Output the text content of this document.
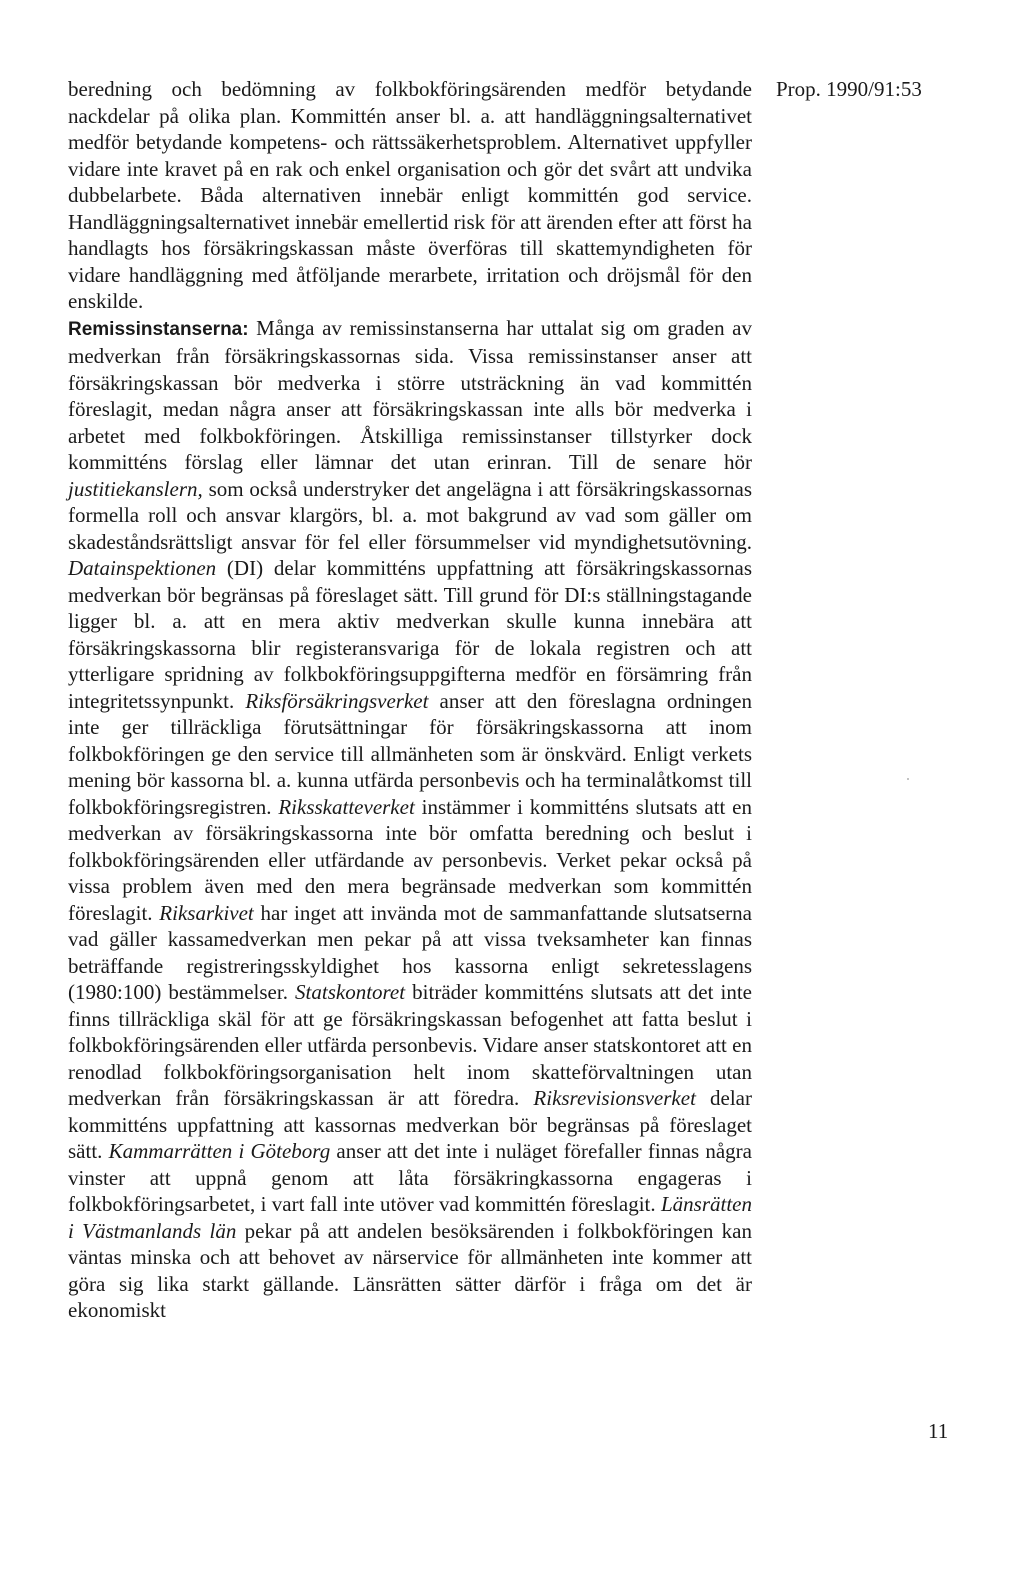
Prop. 1990/91:53

beredning och bedömning av folkbokföringsärenden medför betydande nackdelar på olika plan. Kommittén anser bl. a. att handläggningsalternativet medför betydande kompetens- och rättssäkerhetsproblem. Alternativet uppfyller vidare inte kravet på en rak och enkel organisation och gör det svårt att undvika dubbelarbete. Båda alternativen innebär enligt kommittén god service. Handläggningsalternativet innebär emellertid risk för att ärenden efter att först ha handlagts hos försäkringskassan måste överföras till skattemyndigheten för vidare handläggning med åtföljande merarbete, irritation och dröjsmål för den enskilde.

Remissinstanserna: Många av remissinstanserna har uttalat sig om graden av medverkan från försäkringskassornas sida. Vissa remissinstanser anser att försäkringskassan bör medverka i större utsträckning än vad kommittén föreslagit, medan några anser att försäkringskassan inte alls bör medverka i arbetet med folkbokföringen. Åtskilliga remissinstanser tillstyrker dock kommitténs förslag eller lämnar det utan erinran. Till de senare hör justitiekanslern, som också understryker det angelägna i att försäkringskassornas formella roll och ansvar klargörs, bl. a. mot bakgrund av vad som gäller om skadeståndsrättsligt ansvar för fel eller försummelser vid myndighetsutövning. Datainspektionen (DI) delar kommitténs uppfattning att försäkringskassornas medverkan bör begränsas på föreslaget sätt. Till grund för DI:s ställningstagande ligger bl. a. att en mera aktiv medverkan skulle kunna innebära att försäkringskassorna blir registeransvariga för de lokala registren och att ytterligare spridning av folkbokföringsuppgifterna medför en försämring från integritetssynpunkt. Riksförsäkringsverket anser att den föreslagna ordningen inte ger tillräckliga förutsättningar för försäkringskassorna att inom folkbokföringen ge den service till allmänheten som är önskvärd. Enligt verkets mening bör kassorna bl. a. kunna utfärda personbevis och ha terminalåtkomst till folkbokföringsregistren. Riksskatteverket instämmer i kommitténs slutsats att en medverkan av försäkringskassorna inte bör omfatta beredning och beslut i folkbokföringsärenden eller utfärdande av personbevis. Verket pekar också på vissa problem även med den mera begränsade medverkan som kommittén föreslagit. Riksarkivet har inget att invända mot de sammanfattande slutsatserna vad gäller kassamedverkan men pekar på att vissa tveksamheter kan finnas beträffande registreringsskyldighet hos kassorna enligt sekretesslagens (1980:100) bestämmelser. Statskontoret biträder kommitténs slutsats att det inte finns tillräckliga skäl för att ge försäkringskassan befogenhet att fatta beslut i folkbokföringsärenden eller utfärda personbevis. Vidare anser statskontoret att en renodlad folkbokföringsorganisation helt inom skatteförvaltningen utan medverkan från försäkringskassan är att föredra. Riksrevisionsverket delar kommitténs uppfattning att kassornas medverkan bör begränsas på föreslaget sätt. Kammarrätten i Göteborg anser att det inte i nuläget förefaller finnas några vinster att uppnå genom att låta försäkringkassorna engageras i folkbokföringsarbetet, i vart fall inte utöver vad kommittén föreslagit. Länsrätten i Västmanlands län pekar på att andelen besöksärenden i folkbokföringen kan väntas minska och att behovet av närservice för allmänheten inte kommer att göra sig lika starkt gällande. Länsrätten sätter därför i fråga om det är ekonomiskt

11
